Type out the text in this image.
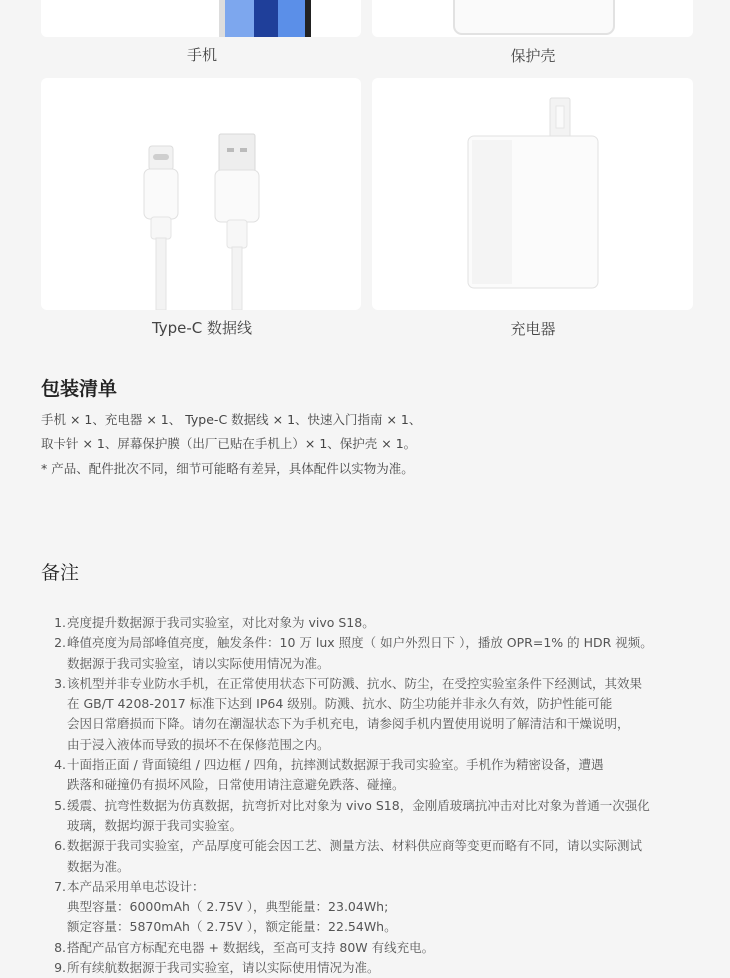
手机	保护壳
Type-C 数据线	充电器
包装清单
手机 × 1、充电器 × 1、 Type-C 数据线 × 1、快速入门指南 × 1、
取卡针 × 1、屏幕保护膜（出厂已贴在手机上）× 1、保护壳 × 1。
* 产品、配件批次不同，细节可能略有差异，具体配件以实物为准。
备注
1. 亮度提升数据源于我司实验室，对比对象为 vivo S18。
2. 峰值亮度为局部峰值亮度，触发条件：10 万 lux 照度（ 如户外烈日下 ），播放 OPR=1% 的 HDR 视频。
数据源于我司实验室，请以实际使用情况为准。
3. 该机型并非专业防水手机，在正常使用状态下可防溅、抗水、防尘，在受控实验室条件下经测试，其效果
在 GB/T 4208-2017 标准下达到 IP64 级别。防溅、抗水、防尘功能并非永久有效，防护性能可能
会因日常磨损而下降。请勿在潮湿状态下为手机充电，请参阅手机内置使用说明了解清洁和干燥说明，
由于浸入液体而导致的损坏不在保修范围之内。
4. 十面指正面 / 背面镜组 / 四边框 / 四角，抗摔测试数据源于我司实验室。手机作为精密设备，遭遇
跌落和碰撞仍有损坏风险，日常使用请注意避免跌落、碰撞。
5. 缓震、抗弯性数据为仿真数据，抗弯折对比对象为 vivo S18，金刚盾玻璃抗冲击对比对象为普通一次强化
玻璃，数据均源于我司实验室。
6. 数据源于我司实验室，产品厚度可能会因工艺、测量方法、材料供应商等变更而略有不同，请以实际测试
数据为准。
7. 本产品采用单电芯设计：
典型容量：6000mAh（ 2.75V ），典型能量：23.04Wh;
额定容量：5870mAh（ 2.75V ），额定能量：22.54Wh。
8. 搭配产品官方标配充电器 + 数据线，至高可支持 80W 有线充电。
9. 所有续航数据源于我司实验室，请以实际使用情况为准。
